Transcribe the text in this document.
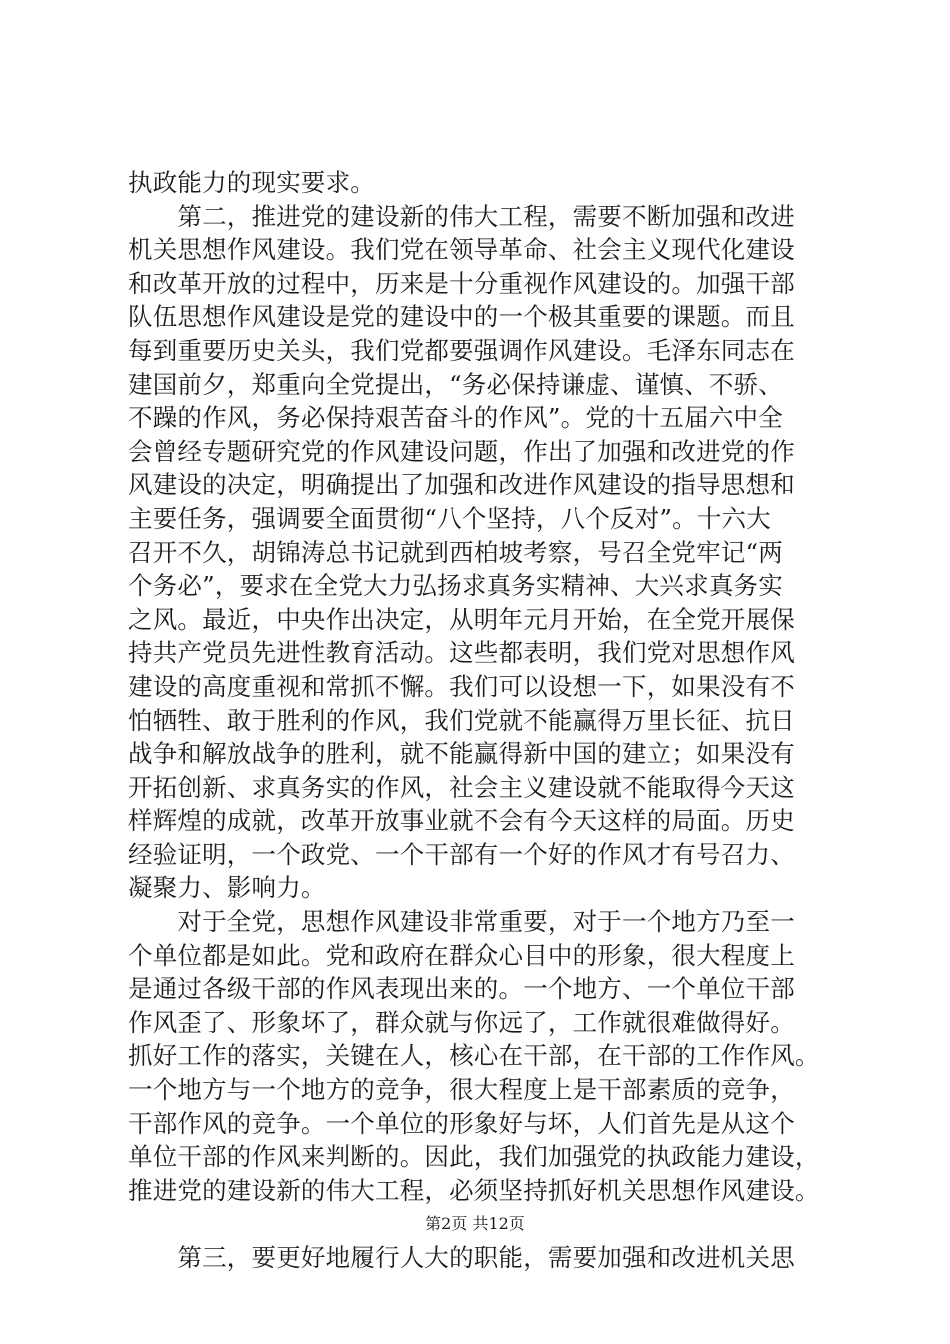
执政能力的现实要求。
　　第二，推进党的建设新的伟大工程，需要不断加强和改进
机关思想作风建设。我们党在领导革命、社会主义现代化建设
和改革开放的过程中，历来是十分重视作风建设的。加强干部
队伍思想作风建设是党的建设中的一个极其重要的课题。而且
每到重要历史关头，我们党都要强调作风建设。毛泽东同志在
建国前夕，郑重向全党提出，“务必保持谦虚、谨慎、不骄、
不躁的作风，务必保持艰苦奋斗的作风”。党的十五届六中全
会曾经专题研究党的作风建设问题，作出了加强和改进党的作
风建设的决定，明确提出了加强和改进作风建设的指导思想和
主要任务，强调要全面贯彻“八个坚持，八个反对”。十六大
召开不久，胡锦涛总书记就到西柏坡考察，号召全党牢记“两
个务必”，要求在全党大力弘扬求真务实精神、大兴求真务实
之风。最近，中央作出决定，从明年元月开始，在全党开展保
持共产党员先进性教育活动。这些都表明，我们党对思想作风
建设的高度重视和常抓不懈。我们可以设想一下，如果没有不
怕牺牲、敢于胜利的作风，我们党就不能赢得万里长征、抗日
战争和解放战争的胜利，就不能赢得新中国的建立；如果没有
开拓创新、求真务实的作风，社会主义建设就不能取得今天这
样辉煌的成就，改革开放事业就不会有今天这样的局面。历史
经验证明，一个政党、一个干部有一个好的作风才有号召力、
凝聚力、影响力。
　　对于全党，思想作风建设非常重要，对于一个地方乃至一
个单位都是如此。党和政府在群众心目中的形象，很大程度上
是通过各级干部的作风表现出来的。一个地方、一个单位干部
作风歪了、形象坏了，群众就与你远了，工作就很难做得好。
抓好工作的落实，关键在人，核心在干部，在干部的工作作风。
一个地方与一个地方的竞争，很大程度上是干部素质的竞争，
干部作风的竞争。一个单位的形象好与坏，人们首先是从这个
单位干部的作风来判断的。因此，我们加强党的执政能力建设，
推进党的建设新的伟大工程，必须坚持抓好机关思想作风建设。
　　第三，要更好地履行人大的职能，需要加强和改进机关思
第2页 共12页
